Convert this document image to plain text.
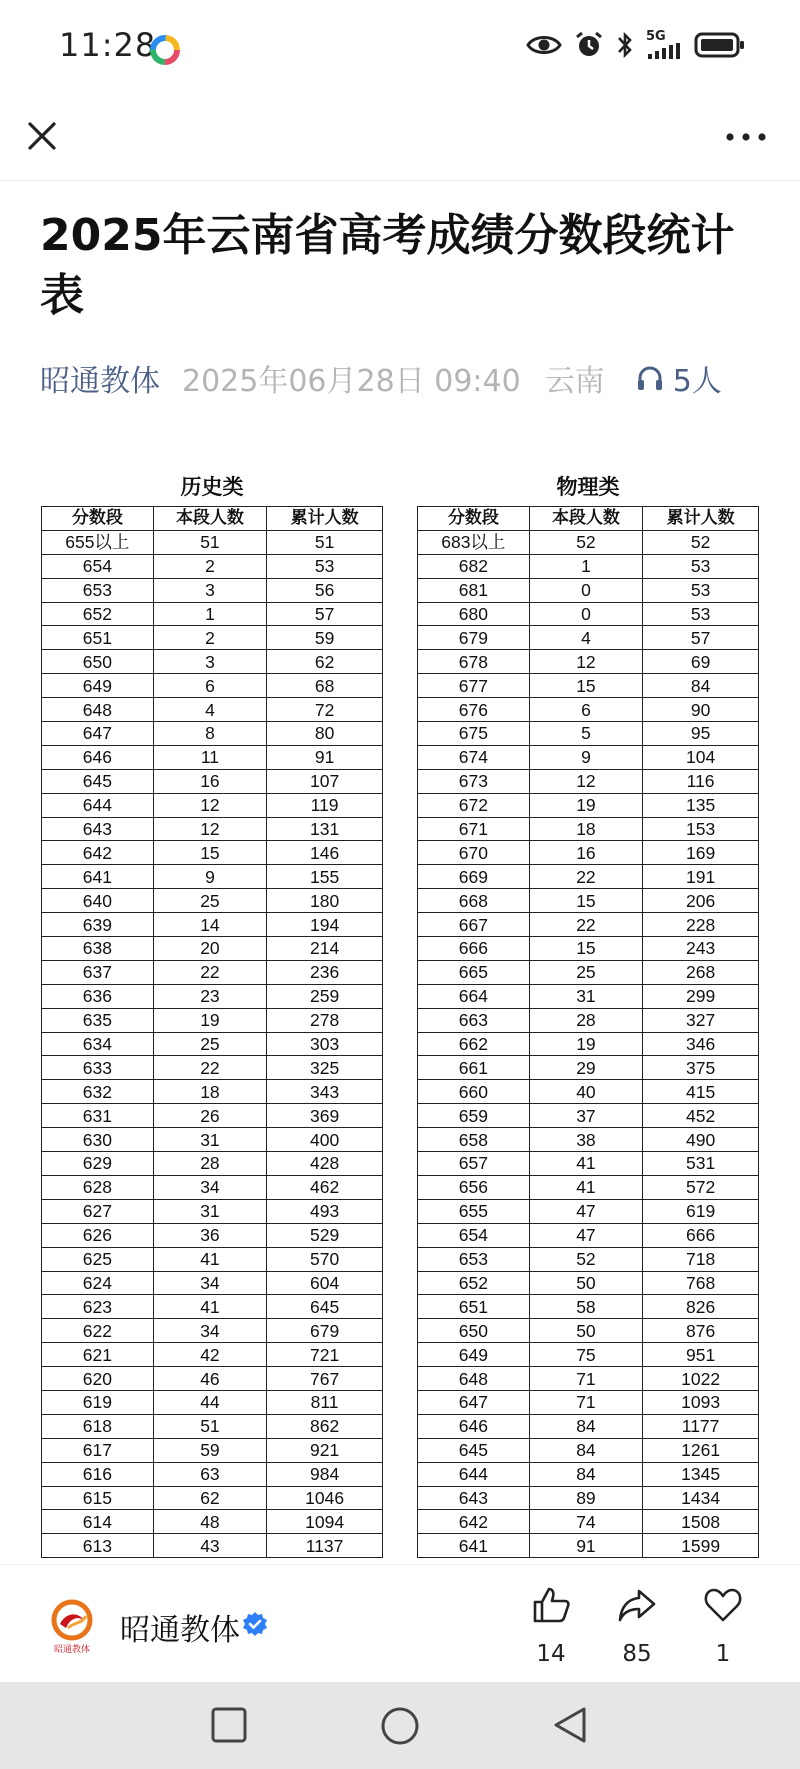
11:28	5G
2025年云南省高考成绩分数段统计表
昭通教体 2025年06月28日 09:40 云南 5人
历史类
分数段	本段人数	累计人数
655以上	51	51
654	2	53
653	3	56
652	1	57
651	2	59
650	3	62
649	6	68
648	4	72
647	8	80
646	11	91
645	16	107
644	12	119
643	12	131
642	15	146
641	9	155
640	25	180
639	14	194
638	20	214
637	22	236
636	23	259
635	19	278
634	25	303
633	22	325
632	18	343
631	26	369
630	31	400
629	28	428
628	34	462
627	31	493
626	36	529
625	41	570
624	34	604
623	41	645
622	34	679
621	42	721
620	46	767
619	44	811
618	51	862
617	59	921
616	63	984
615	62	1046
614	48	1094
613	43	1137
物理类
分数段	本段人数	累计人数
683以上	52	52
682	1	53
681	0	53
680	0	53
679	4	57
678	12	69
677	15	84
676	6	90
675	5	95
674	9	104
673	12	116
672	19	135
671	18	153
670	16	169
669	22	191
668	15	206
667	22	228
666	15	243
665	25	268
664	31	299
663	28	327
662	19	346
661	29	375
660	40	415
659	37	452
658	38	490
657	41	531
656	41	572
655	47	619
654	47	666
653	52	718
652	50	768
651	58	826
650	50	876
649	75	951
648	71	1022
647	71	1093
646	84	1177
645	84	1261
644	84	1345
643	89	1434
642	74	1508
641	91	1599
昭通教体
昭通教体
14	85	1
